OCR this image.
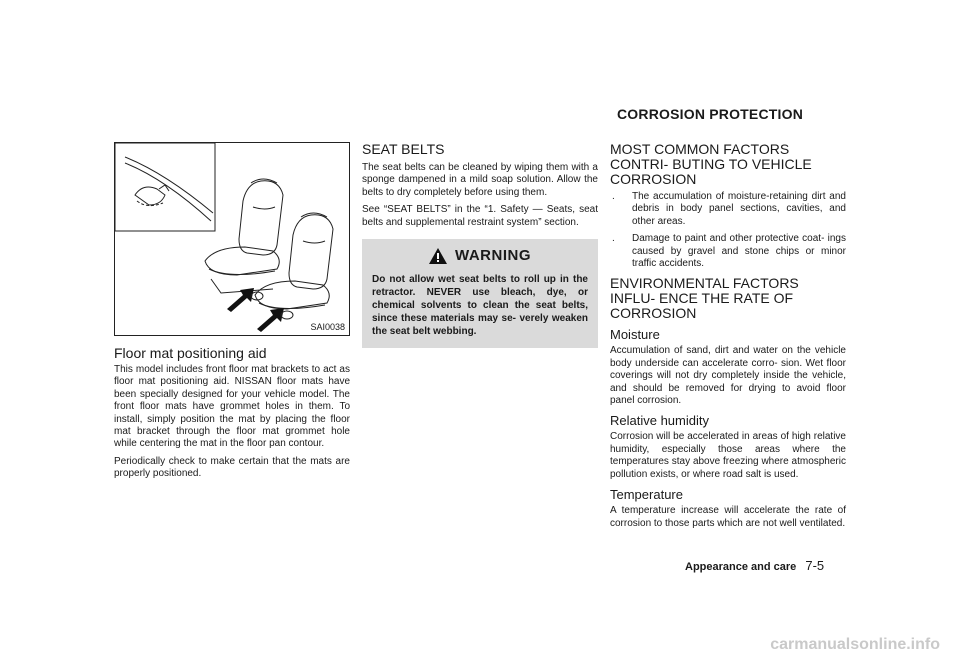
CORROSION PROTECTION
SAI0038
Floor mat positioning aid

This model includes front floor mat brackets to act as floor mat positioning aid. NISSAN floor mats have been specially designed for your vehicle model. The front floor mats have grommet holes in them. To install, simply position the mat by placing the floor mat bracket through the floor mat grommet hole while centering the mat in the floor pan contour.

Periodically check to make certain that the mats are properly positioned.

SEAT BELTS

The seat belts can be cleaned by wiping them with a sponge dampened in a mild soap solution. Allow the belts to dry completely before using them.

See “SEAT BELTS” in the “1. Safety — Seats, seat belts and supplemental restraint system” section.

WARNING

Do not allow wet seat belts to roll up in the retractor. NEVER use bleach, dye, or chemical solvents to clean the seat belts, since these materials may se- verely weaken the seat belt webbing.

MOST COMMON FACTORS CONTRI- BUTING TO VEHICLE CORROSION
. The accumulation of moisture-retaining dirt and debris in body panel sections, cavities, and other areas.
. Damage to paint and other protective coat- ings caused by gravel and stone chips or minor traffic accidents.
ENVIRONMENTAL FACTORS INFLU- ENCE THE RATE OF CORROSION
Moisture

Accumulation of sand, dirt and water on the vehicle body underside can accelerate corro- sion. Wet floor coverings will not dry completely inside the vehicle, and should be removed for drying to avoid floor panel corrosion.

Relative humidity

Corrosion will be accelerated in areas of high relative humidity, especially those areas where the temperatures stay above freezing where atmospheric pollution exists, or where road salt is used.

Temperature

A temperature increase will accelerate the rate of corrosion to those parts which are not well ventilated.

Appearance and care 7-5
carmanualsonline.info
